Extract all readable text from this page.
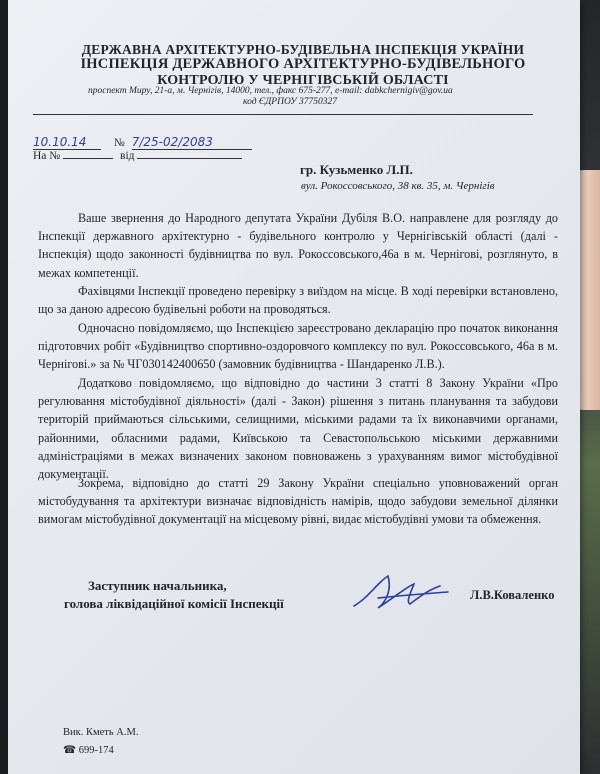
ДЕРЖАВНА АРХІТЕКТУРНО-БУДІВЕЛЬНА ІНСПЕКЦІЯ УКРАЇНИ
ІНСПЕКЦІЯ ДЕРЖАВНОГО АРХІТЕКТУРНО-БУДІВЕЛЬНОГО
КОНТРОЛЮ У ЧЕРНІГІВСЬКІЙ ОБЛАСТІ
проспект Миру, 21-а, м. Чернігів, 14000, тел., факс 675-277, e-mail: dabkchernigiv@gov.ua
код ЄДРПОУ 37750327
10.10.14 № 7/25-02/2083
На №	від
гр. Кузьменко Л.П.
вул. Рокоссовського, 38 кв. 35, м. Чернігів
Ваше звернення до Народного депутата України Дубіля В.О. направлене для розгляду до Інспекції державного архітектурно - будівельного контролю у Чернігівській області (далі - Інспекція) щодо законності будівництва по вул. Рокоссовського,46а в м. Чернігові, розглянуто, в межах компетенції.
Фахівцями Інспекції проведено перевірку з виїздом на місце. В ході перевірки встановлено, що за даною адресою будівельні роботи на проводяться.
Одночасно повідомляємо, що Інспекцією зареєстровано декларацію про початок виконання підготовчих робіт «Будівництво спортивно-оздоровчого комплексу по вул. Рокоссовського, 46а в м. Чернігові.» за № ЧГ030142400650 (замовник будівництва - Шандаренко Л.В.).
Додатково повідомляємо, що відповідно до частини 3 статті 8 Закону України «Про регулювання містобудівної діяльності» (далі - Закон) рішення з питань планування та забудови територій приймаються сільськими, селищними, міськими радами та їх виконавчими органами, районними, обласними радами, Київською та Севастопольською міськими державними адміністраціями в межах визначених законом повноважень з урахуванням вимог містобудівної документації.
Зокрема, відповідно до статті 29 Закону України спеціально уповноважений орган містобудування та архітектури визначає відповідність намірів, щодо забудови земельної ділянки вимогам містобудівної документації на місцевому рівні, видає містобудівні умови та обмеження.
Заступник начальника,
голова ліквідаційної комісії Інспекції
Л.В.Коваленко
Вик. Кметь А.М.
☎ 699-174
